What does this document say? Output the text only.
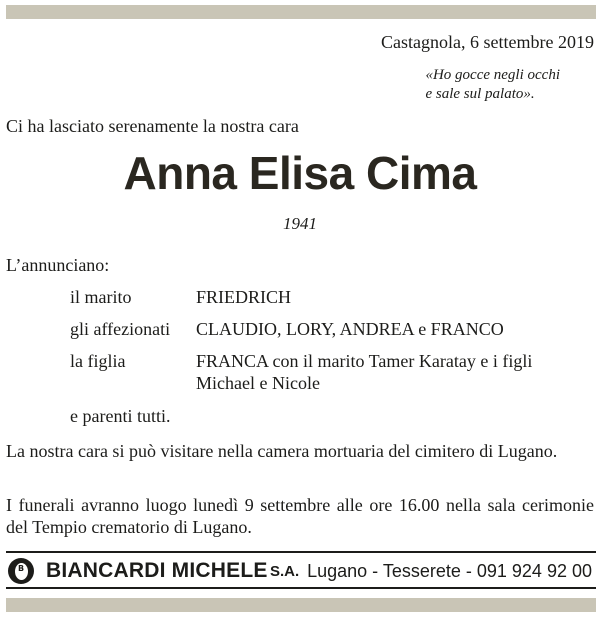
Castagnola, 6 settembre 2019
«Ho gocce negli occhi
e sale sul palato».
Ci ha lasciato serenamente la nostra cara
Anna Elisa Cima
1941
L’annunciano:
il marito	FRIEDRICH
gli affezionati CLAUDIO, LORY, ANDREA e FRANCO
la figlia	FRANCA con il marito Tamer Karatay e i figli Michael e Nicole
e parenti tutti.
La nostra cara si può visitare nella camera mortuaria del cimitero di Lugano.
I funerali avranno luogo lunedì 9 settembre alle ore 16.00 nella sala cerimonie del Tempio crematorio di Lugano.
B	BIANCARDI MICHELE S.A. Lugano - Tesserete - 091 924 92 00
